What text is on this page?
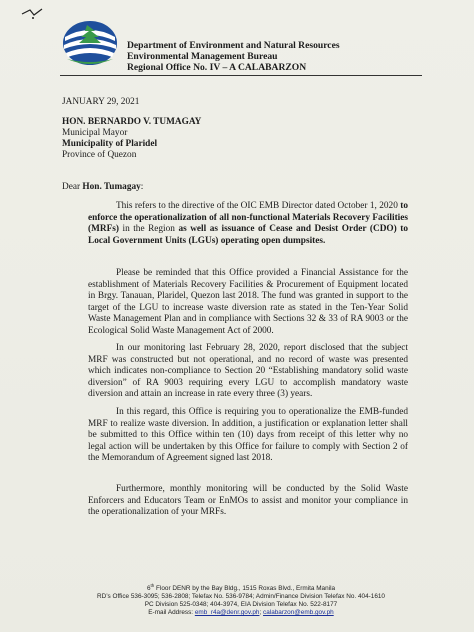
Department of Environment and Natural Resources
Environmental Management Bureau
Regional Office No. IV – A CALABARZON
JANUARY 29, 2021
HON. BERNARDO V. TUMAGAY
Municipal Mayor
Municipality of Plaridel
Province of Quezon
Dear Hon. Tumagay:

This refers to the directive of the OIC EMB Director dated October 1, 2020 to enforce the operationalization of all non-functional Materials Recovery Facilities (MRFs) in the Region as well as issuance of Cease and Desist Order (CDO) to Local Government Units (LGUs) operating open dumpsites.

Please be reminded that this Office provided a Financial Assistance for the establishment of Materials Recovery Facilities & Procurement of Equipment located in Brgy. Tanauan, Plaridel, Quezon last 2018. The fund was granted in support to the target of the LGU to increase waste diversion rate as stated in the Ten-Year Solid Waste Management Plan and in compliance with Sections 32 & 33 of RA 9003 or the Ecological Solid Waste Management Act of 2000.

In our monitoring last February 28, 2020, report disclosed that the subject MRF was constructed but not operational, and no record of waste was presented which indicates non-compliance to Section 20 “Establishing mandatory solid waste diversion” of RA 9003 requiring every LGU to accomplish mandatory waste diversion and attain an increase in rate every three (3) years.

In this regard, this Office is requiring you to operationalize the EMB-funded MRF to realize waste diversion. In addition, a justification or explanation letter shall be submitted to this Office within ten (10) days from receipt of this letter why no legal action will be undertaken by this Office for failure to comply with Section 2 of the Memorandum of Agreement signed last 2018.

Furthermore, monthly monitoring will be conducted by the Solid Waste Enforcers and Educators Team or EnMOs to assist and monitor your compliance in the operationalization of your MRFs.

6th Floor DENR by the Bay Bldg., 1515 Roxas Blvd., Ermita Manila
RD’s Office 536-3095; 536-2808; Telefax No. 536-9784; Admin/Finance Division Telefax No. 404-1610
PC Division 525-0348; 404-3974, EIA Division Telefax No. 522-8177
E-mail Address: emb_r4a@denr.gov.ph; calabarzon@emb.gov.ph
